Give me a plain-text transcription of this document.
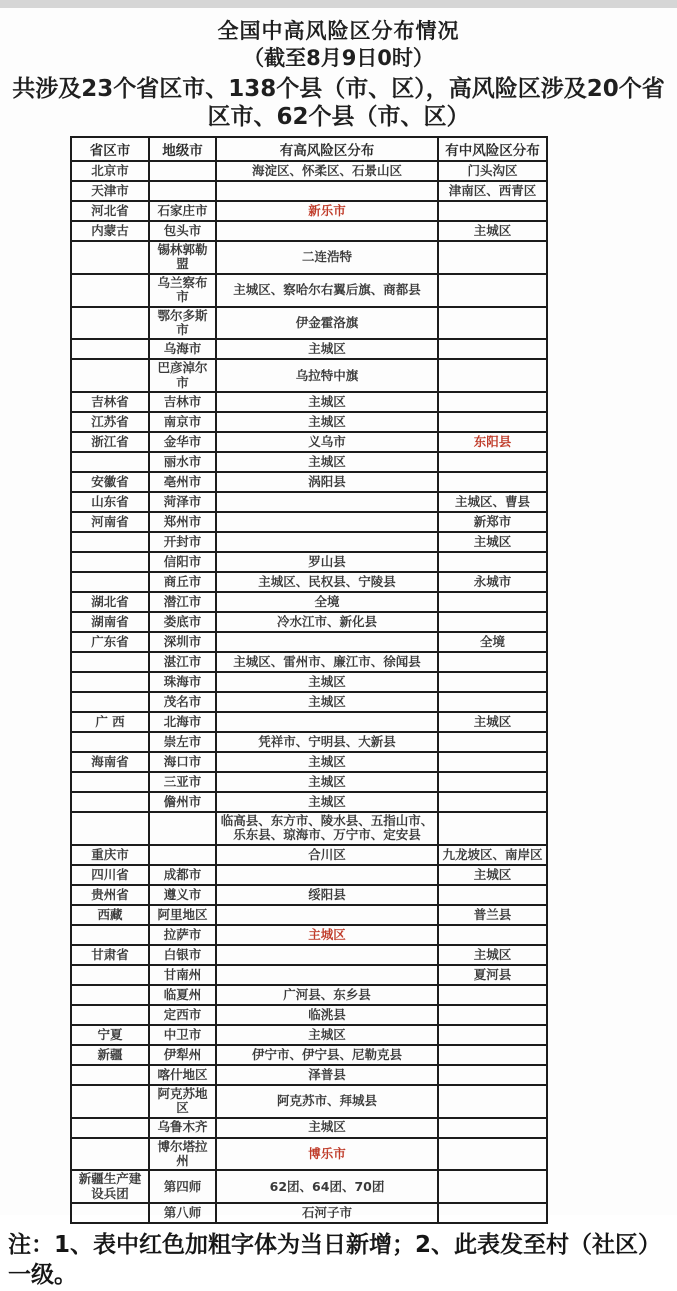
全国中高风险区分布情况
（截至8月9日0时）
共涉及23个省区市、138个县（市、区），高风险区涉及20个省区市、62个县（市、区）
省区市	地级市	有高风险区分布	有中风险区分布
北京市		海淀区、怀柔区、石景山区	门头沟区
天津市			津南区、西青区
河北省	石家庄市	新乐市	
内蒙古	包头市		主城区
	锡林郭勒盟	二连浩特	
	乌兰察布市	主城区、察哈尔右翼后旗、商都县	
	鄂尔多斯市	伊金霍洛旗	
	乌海市	主城区	
	巴彦淖尔市	乌拉特中旗	
吉林省	吉林市	主城区	
江苏省	南京市	主城区	
浙江省	金华市	义乌市	东阳县
	丽水市	主城区	
安徽省	亳州市	涡阳县	
山东省	菏泽市		主城区、曹县
河南省	郑州市		新郑市
	开封市		主城区
	信阳市	罗山县	
	商丘市	主城区、民权县、宁陵县	永城市
湖北省	潜江市	全境	
湖南省	娄底市	冷水江市、新化县	
广东省	深圳市		全境
	湛江市	主城区、雷州市、廉江市、徐闻县	
	珠海市	主城区	
	茂名市	主城区	
广 西	北海市		主城区
	崇左市	凭祥市、宁明县、大新县	
海南省	海口市	主城区	
	三亚市	主城区	
	儋州市	主城区	
		临高县、东方市、陵水县、五指山市、乐东县、琼海市、万宁市、定安县	
重庆市		合川区	九龙坡区、南岸区
四川省	成都市		主城区
贵州省	遵义市	绥阳县	
西藏	阿里地区		普兰县
	拉萨市	主城区	
甘肃省	白银市		主城区
	甘南州		夏河县
	临夏州	广河县、东乡县	
	定西市	临洮县	
宁夏	中卫市	主城区	
新疆	伊犁州	伊宁市、伊宁县、尼勒克县	
	喀什地区	泽普县	
	阿克苏地区	阿克苏市、拜城县	
	乌鲁木齐	主城区	
	博尔塔拉州	博乐市	
新疆生产建设兵团	第四师	62团、64团、70团	
	第八师	石河子市	
注：1、表中红色加粗字体为当日新增；2、此表发至村（社区）一级。
